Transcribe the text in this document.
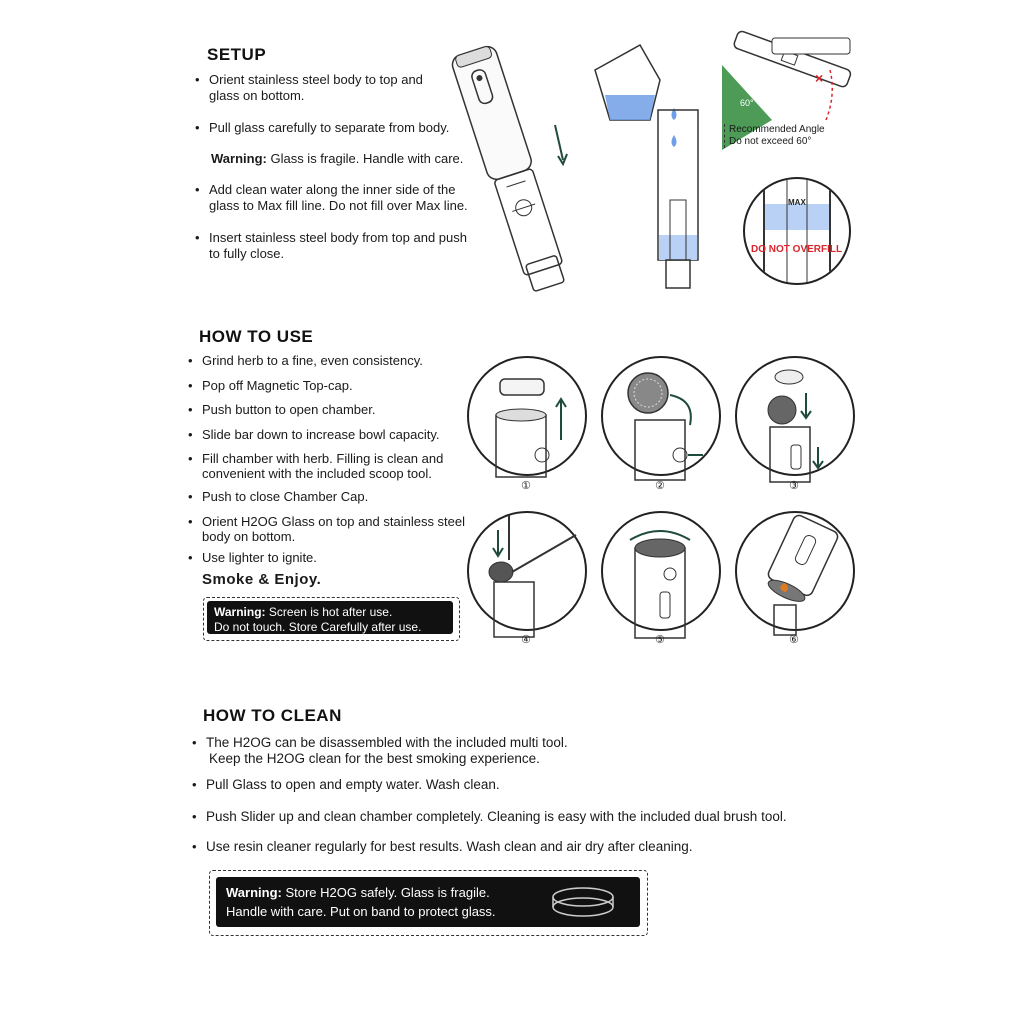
SETUP
• Orient stainless steel body to top and
glass on bottom.
• Pull glass carefully to separate from body.
• Add clean water along the inner side of the
glass to Max fill line. Do not fill over Max line.
• Insert stainless steel body from top and push
to fully close.
Warning: Glass is fragile. Handle with care.
60°
×
Recommended Angle
Do not exceed 60°
MAX
DO NOT OVERFILL
HOW TO USE
• Grind herb to a fine, even consistency.
• Pop off Magnetic Top-cap.
• Push button to open chamber.
• Slide bar down to increase bowl capacity.
• Fill chamber with herb. Filling is clean and
convenient with the included scoop tool.
• Push to close Chamber Cap.
• Orient H2OG Glass on top and stainless steel
body on bottom.
• Use lighter to ignite.
Smoke & Enjoy.
Warning: Screen is hot after use.
Do not touch. Store Carefully after use.
①	②	③
④	⑤	⑥
HOW TO CLEAN
• The H2OG can be disassembled with the included multi tool.
Keep the H2OG clean for the best smoking experience.
• Pull Glass to open and empty water. Wash clean.
• Push Slider up and clean chamber completely. Cleaning is easy with the included dual brush tool.
• Use resin cleaner regularly for best results. Wash clean and air dry after cleaning.
Warning: Store H2OG safely. Glass is fragile.
Handle with care. Put on band to protect glass.
